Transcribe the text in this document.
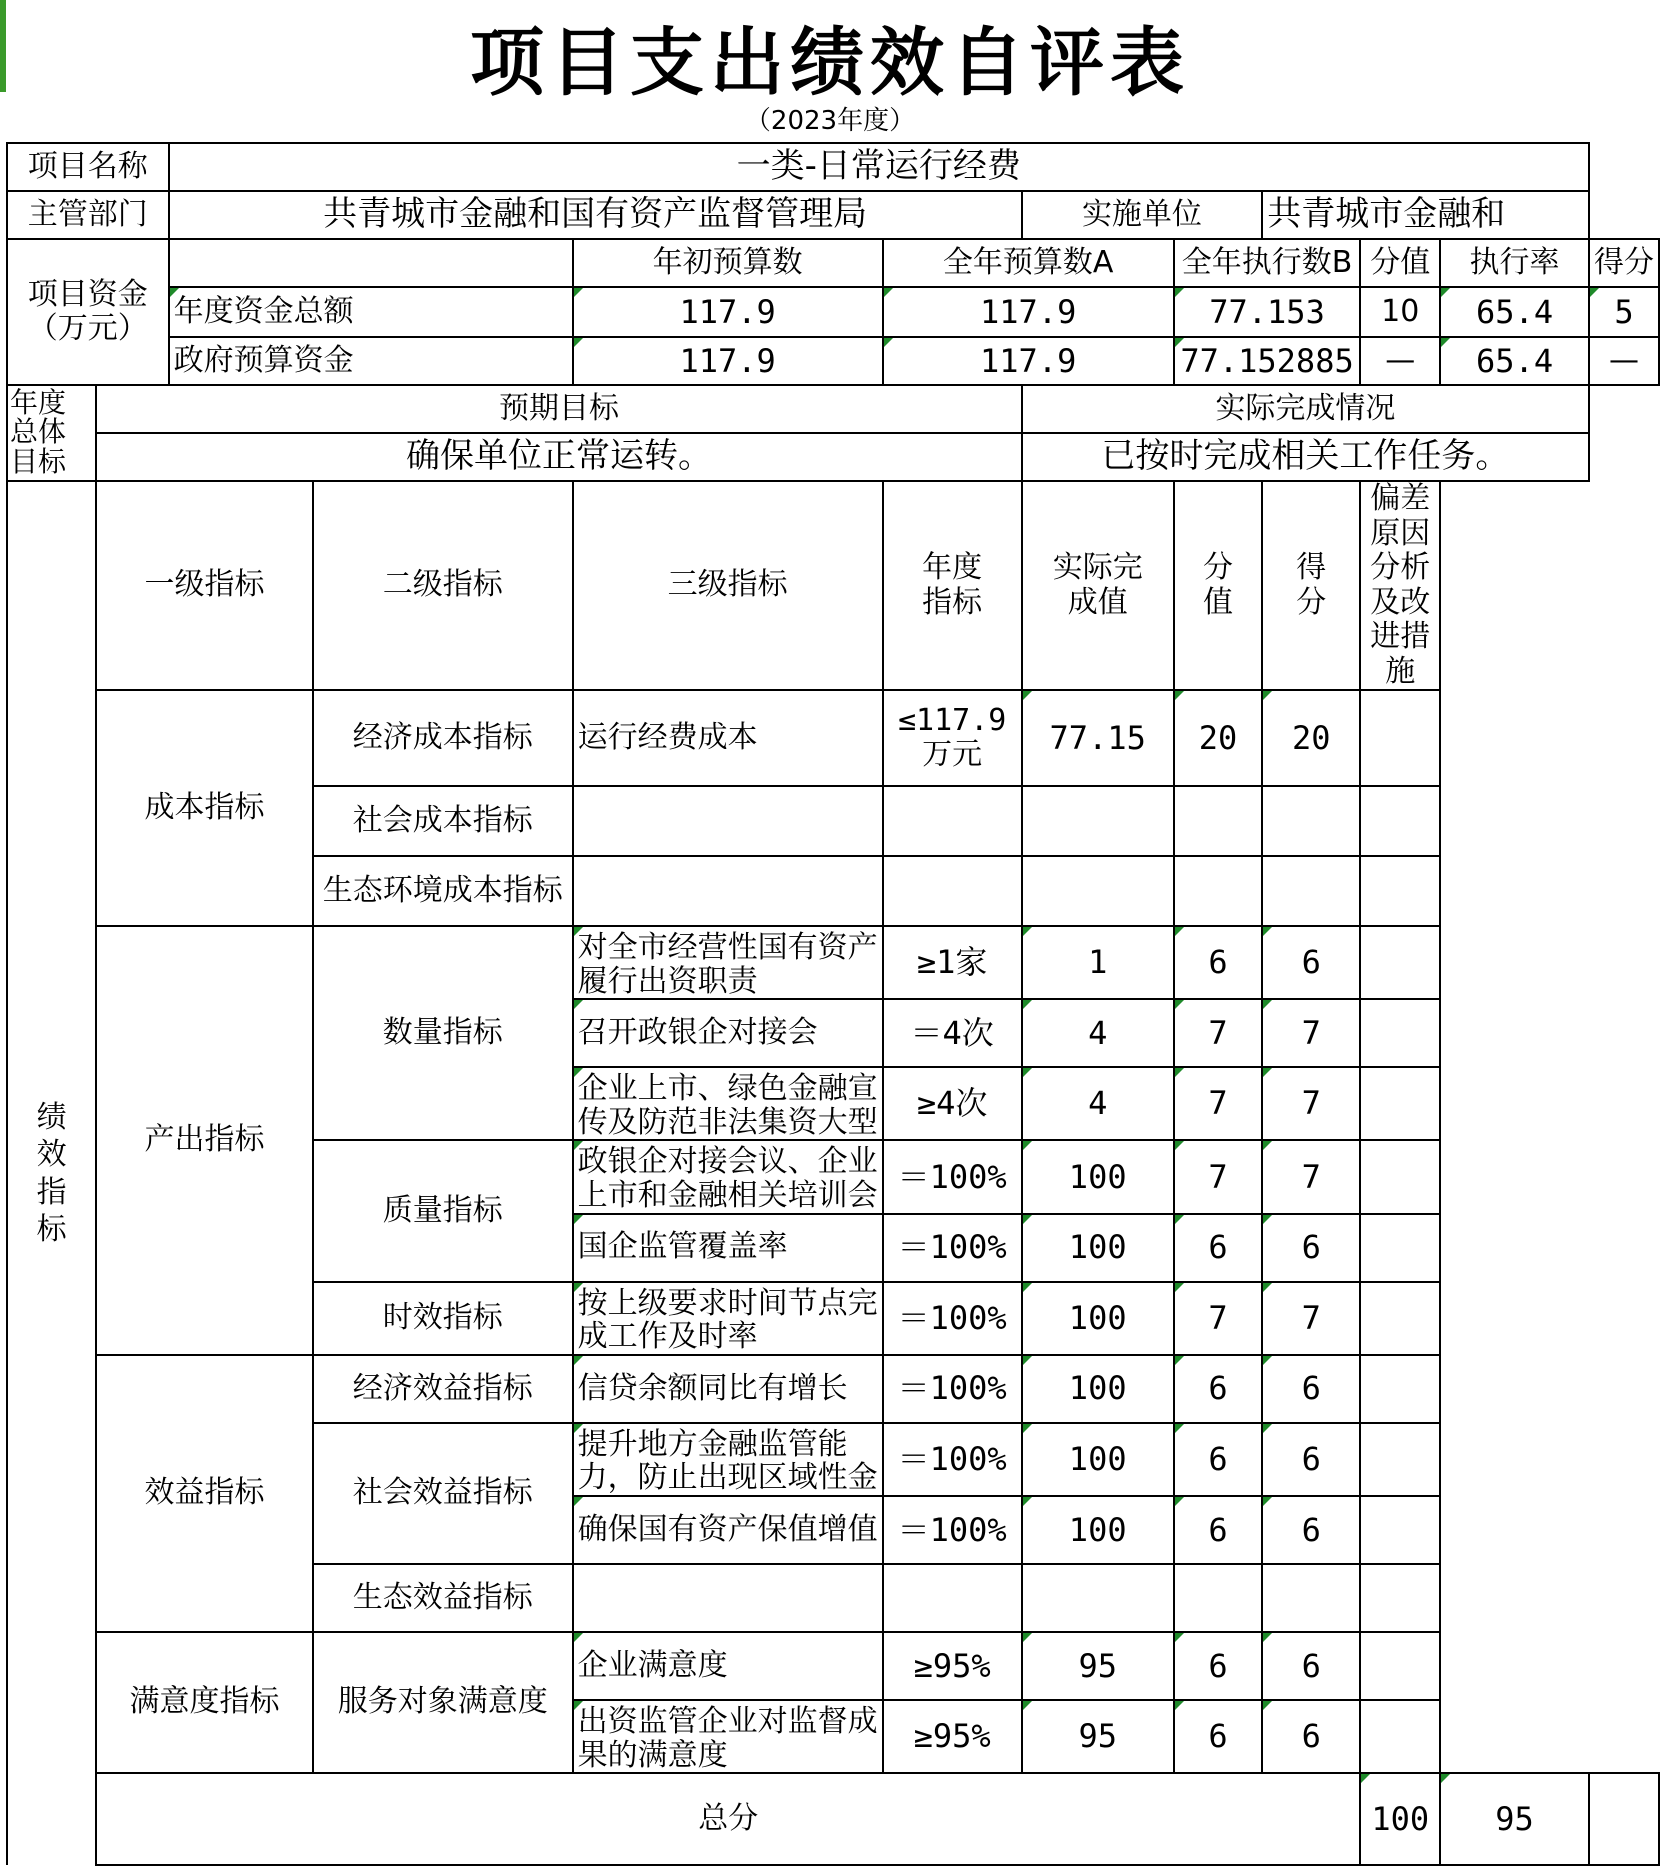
项目支出绩效自评表
（2023年度）
项目名称		一类-日常运行经费									
主管部门		共青城市金融和国有资产监督管理局				实施单位		共青城市金融和			
项目资金（万元）				年初预算数	全年预算数A		全年执行数B		分值	执行率	得分
		年度资金总额		117.9	117.9		77.153		10	65.4	5
		政府预算资金		117.9	117.9		77.152885		—	65.4	—
年度总体目标	预期目标					实际完成情况					
	确保单位正常运转。					已按时完成相关工作任务。					
绩效指标	一级指标		二级指标	三级指标	年度指标	实际完成值	分值	得分	偏差原因分析及改进措施		
	成本指标		经济成本指标	运行经费成本	≤117.9万元	77.15	20	20			
			社会成本指标								
			生态环境成本指标								
	产出指标		数量指标	对全市经营性国有资产履行出资职责	≥1家	1	6	6			
				召开政银企对接会	＝4次	4	7	7			
				企业上市、绿色金融宣传及防范非法集资大型	≥4次	4	7	7			
			质量指标	政银企对接会议、企业上市和金融相关培训会	＝100%	100	7	7			
				国企监管覆盖率	＝100%	100	6	6			
			时效指标	按上级要求时间节点完成工作及时率	＝100%	100	7	7			
	效益指标		经济效益指标	信贷余额同比有增长	＝100%	100	6	6			
			社会效益指标	提升地方金融监管能力，防止出现区域性金	＝100%	100	6	6			
				确保国有资产保值增值	＝100%	100	6	6			
			生态效益指标								
	满意度指标		服务对象满意度	企业满意度	≥95%	95	6	6			
				出资监管企业对监督成果的满意度	≥95%	95	6	6			
	总分								100	95	
